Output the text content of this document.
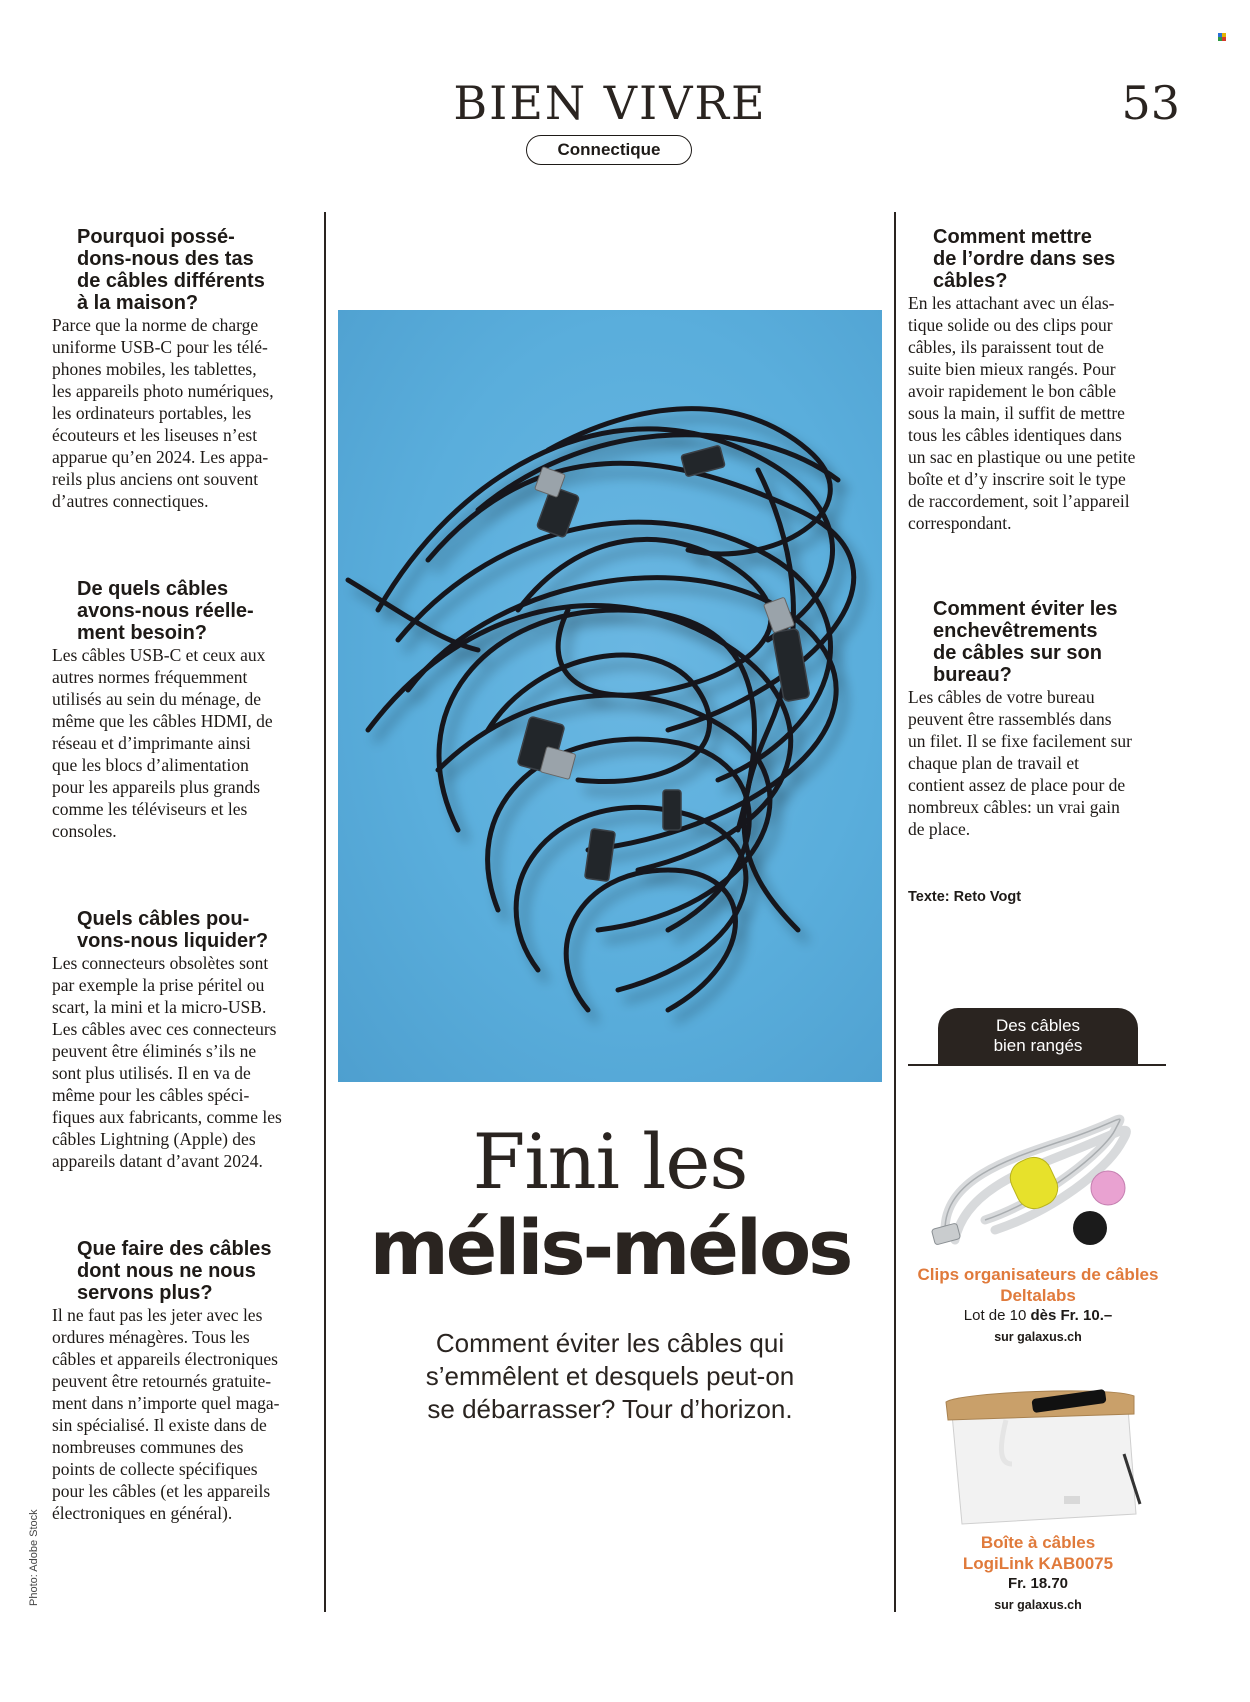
BIEN VIVRE	53
Connectique
Pourquoi possé-
dons-nous des tas
de câbles différents
à la maison?
Parce que la norme de charge
uniforme USB-C pour les télé-
phones mobiles, les tablettes,
les appareils photo numériques,
les ordinateurs portables, les
écouteurs et les liseuses n’est
apparue qu’en 2024. Les appa-
reils plus anciens ont souvent
d’autres connectiques.
De quels câbles
avons-nous réelle-
ment besoin?
Les câbles USB-C et ceux aux
autres normes fréquemment
utilisés au sein du ménage, de
même que les câbles HDMI, de
réseau et d’imprimante ainsi
que les blocs d’alimentation
pour les appareils plus grands
comme les téléviseurs et les
consoles.
Quels câbles pou-
vons-nous liquider?
Les connecteurs obsolètes sont
par exemple la prise péritel ou
scart, la mini et la micro-USB.
Les câbles avec ces connecteurs
peuvent être éliminés s’ils ne
sont plus utilisés. Il en va de
même pour les câbles spéci-
fiques aux fabricants, comme les
câbles Lightning (Apple) des
appareils datant d’avant 2024.
Que faire des câbles
dont nous ne nous
servons plus?
Il ne faut pas les jeter avec les
ordures ménagères. Tous les
câbles et appareils électroniques
peuvent être retournés gratuite-
ment dans n’importe quel maga-
sin spécialisé. Il existe dans de
nombreuses communes des
points de collecte spécifiques
pour les câbles (et les appareils
électroniques en général).
Fini les
mélis-mélos
Comment éviter les câbles qui
s’emmêlent et desquels peut-on
se débarrasser? Tour d’horizon.
Comment mettre
de l’ordre dans ses
câbles?
En les attachant avec un élas-
tique solide ou des clips pour
câbles, ils paraissent tout de
suite bien mieux rangés. Pour
avoir rapidement le bon câble
sous la main, il suffit de mettre
tous les câbles identiques dans
un sac en plastique ou une petite
boîte et d’y inscrire soit le type
de raccordement, soit l’appareil
correspondant.
Comment éviter les
enchevêtrements
de câbles sur son
bureau?
Les câbles de votre bureau
peuvent être rassemblés dans
un filet. Il se fixe facilement sur
chaque plan de travail et
contient assez de place pour de
nombreux câbles: un vrai gain
de place.
Texte: Reto Vogt
Des câbles
bien rangés
Clips organisateurs de câbles
Deltalabs
Lot de 10 dès Fr. 10.–
sur galaxus.ch
Boîte à câbles
LogiLink KAB0075
Fr. 18.70
sur galaxus.ch
Photo: Adobe Stock
